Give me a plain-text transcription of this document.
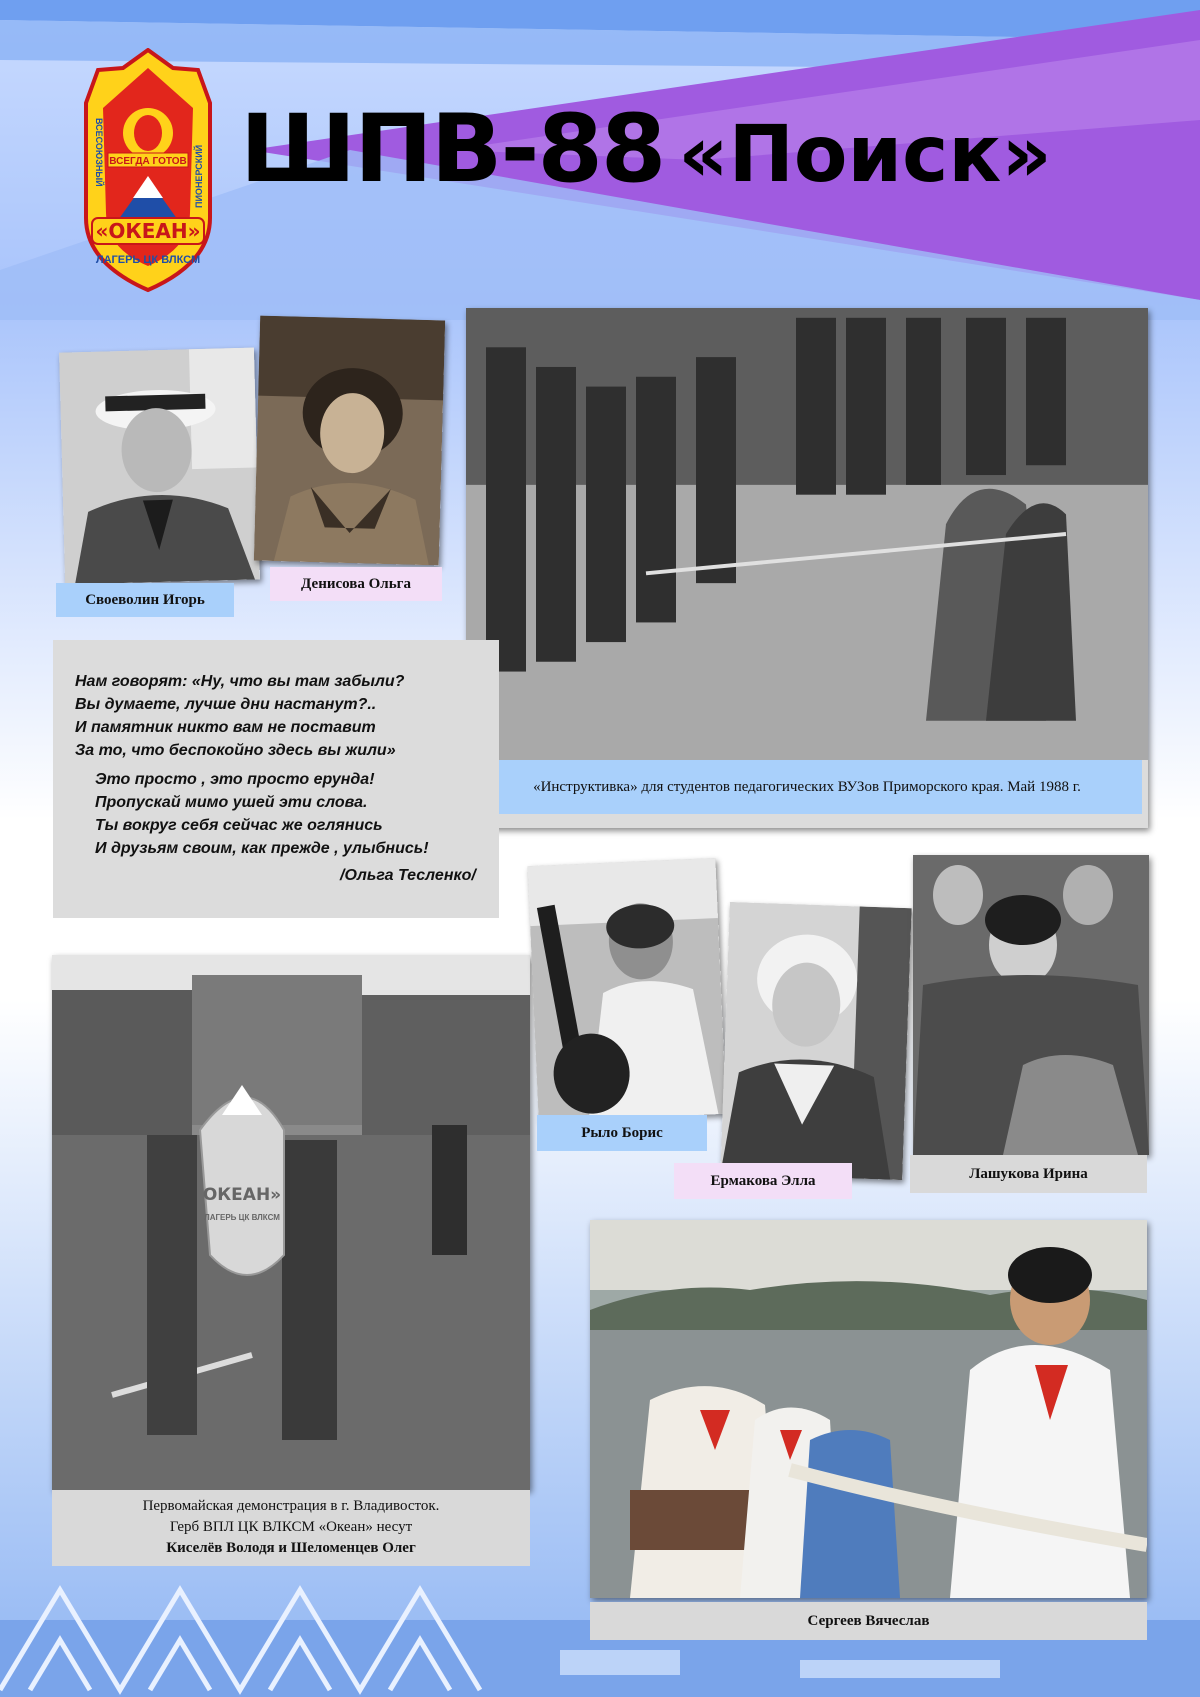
ВСЕГДА ГОТОВ
«ОКЕАН»
ВСЕСОЮЗНЫЙ	ПИОНЕРСКИЙ
ЛАГЕРЬ ЦК ВЛКСМ
ШПВ-88 «Поиск»
Своеволин Игорь
Денисова Ольга
«Инструктивка» для студентов педагогических ВУЗов Приморского края. Май 1988 г.
Нам говорят: «Ну, что вы там забыли?
Вы думаете, лучше дни настанут?..
И памятник никто вам не поставит
За то, что беспокойно здесь вы жили»
Это просто , это просто ерунда!
Пропускай мимо ушей эти слова.
Ты вокруг себя сейчас же оглянись
И друзьям своим, как прежде , улыбнись!
/Ольга Тесленко/
ОКЕАН»
ЛАГЕРЬ ЦК ВЛКСМ
Первомайская демонстрация в г. Владивосток.
Герб ВПЛ ЦК ВЛКСМ «Океан» несут
Киселёв Володя и Шеломенцев Олег
Рыло Борис
Ермакова Элла	Лашукова Ирина
Сергеев Вячеслав
